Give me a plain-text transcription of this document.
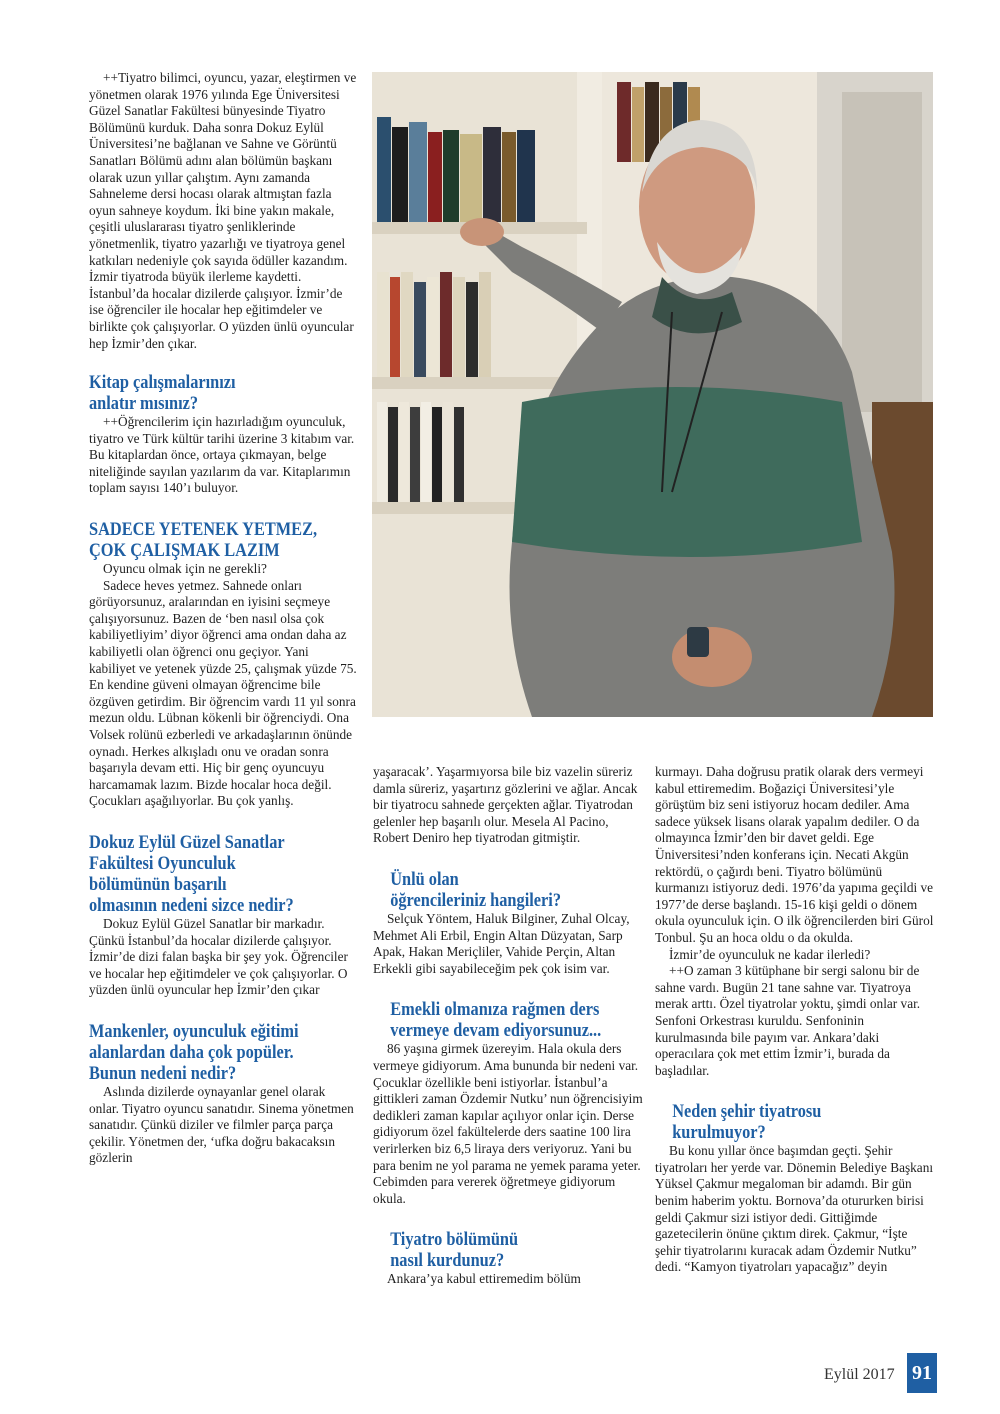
++Tiyatro bilimci, oyuncu, yazar, eleştirmen ve yönetmen olarak 1976 yılında Ege Üniversitesi Güzel Sanatlar Fakültesi bünyesinde Tiyatro Bölümünü kurduk. Daha sonra Dokuz Eylül Üniversitesi’ne bağlanan ve Sahne ve Görüntü Sanatları Bölümü adını alan bölümün başkanı olarak uzun yıllar çalıştım. Aynı zamanda Sahneleme dersi hocası olarak altmıştan fazla oyun sahneye koydum. İki bine yakın makale, çeşitli uluslararası tiyatro şenliklerinde yönetmenlik, tiyatro yazarlığı ve tiyatroya genel katkıları nedeniyle çok sayıda ödüller kazandım. İzmir tiyatroda büyük ilerleme kaydetti. İstanbul’da hocalar dizilerde çalışıyor. İzmir’de ise öğrenciler ile hocalar hep eğitimdeler ve birlikte çok çalışıyorlar. O yüzden ünlü oyuncular hep İzmir’den çıkar.

Kitap çalışmalarınızı
anlatır mısınız?

++Öğrencilerim için hazırladığım oyunculuk, tiyatro ve Türk kültür tarihi üzerine 3 kitabım var. Bu kitaplardan önce, ortaya çıkmayan, belge niteliğinde sayılan yazılarım da var. Kitaplarımın toplam sayısı 140’ı buluyor.

SADECE YETENEK YETMEZ,
ÇOK ÇALIŞMAK LAZIM

Oyuncu olmak için ne gerekli?

Sadece heves yetmez. Sahnede onları görüyorsunuz, aralarından en iyisini seçmeye çalışıyorsunuz. Bazen de ‘ben nasıl olsa çok kabiliyetliyim’ diyor öğrenci ama ondan daha az kabiliyetli olan öğrenci onu geçiyor. Yani kabiliyet ve yetenek yüzde 25, çalışmak yüzde 75. En kendine güveni olmayan öğrencime bile özgüven getirdim. Bir öğrencim vardı 11 yıl sonra mezun oldu. Lübnan kökenli bir öğrenciydi. Ona Volsek rolünü ezberledi ve arkadaşlarının önünde oynadı. Herkes alkışladı onu ve oradan sonra başarıyla devam etti. Hiç bir genç oyuncuyu harcamamak lazım. Bizde hocalar hoca değil. Çocukları aşağılıyorlar. Bu çok yanlış.

Dokuz Eylül Güzel Sanatlar
Fakültesi Oyunculuk
bölümünün başarılı
olmasının nedeni sizce nedir?

Dokuz Eylül Güzel Sanatlar bir markadır. Çünkü İstanbul’da hocalar dizilerde çalışıyor. İzmir’de dizi falan başka bir şey yok. Öğrenciler ve hocalar hep eğitimdeler ve çok çalışıyorlar. O yüzden ünlü oyuncular hep İzmir’den çıkar

Mankenler, oyunculuk eğitimi
alanlardan daha çok popüler.
Bunun nedeni nedir?

Aslında dizilerde oynayanlar genel olarak onlar. Tiyatro oyuncu sanatıdır. Sinema yönetmen sanatıdır. Çünkü diziler ve filmler parça parça çekilir. Yönetmen der, ‘ufka doğru bakacaksın gözlerin

yaşaracak’. Yaşarmıyorsa bile biz vazelin süreriz damla süreriz, yaşartırız gözlerini ve ağlar. Ancak bir tiyatrocu sahnede gerçekten ağlar. Tiyatrodan gelenler hep başarılı olur. Mesela Al Pacino, Robert Deniro hep tiyatrodan gitmiştir.

Ünlü olan
öğrencileriniz hangileri?

Selçuk Yöntem, Haluk Bilginer, Zuhal Olcay, Mehmet Ali Erbil, Engin Altan Düzyatan, Sarp Apak, Hakan Meriçliler, Vahide Perçin, Altan Erkekli gibi sayabileceğim pek çok isim var.

Emekli olmanıza rağmen ders
vermeye devam ediyorsunuz...

86 yaşına girmek üzereyim. Hala okula ders vermeye gidiyorum. Ama bununda bir nedeni var. Çocuklar özellikle beni istiyorlar. İstanbul’a gittikleri zaman Özdemir Nutku’ nun öğrencisiyim dedikleri zaman kapılar açılıyor onlar için. Derse gidiyorum özel fakültelerde ders saatine 100 lira verirlerken biz 6,5 liraya ders veriyoruz. Yani bu para benim ne yol parama ne yemek parama yeter. Cebimden para vererek öğretmeye gidiyorum okula.

Tiyatro bölümünü
nasıl kurdunuz?

Ankara’ya kabul ettiremedim bölüm

kurmayı. Daha doğrusu pratik olarak ders vermeyi kabul ettiremedim. Boğaziçi Üniversitesi’yle görüştüm biz seni istiyoruz hocam dediler. Ama sadece yüksek lisans olarak yapalım dediler. O da olmayınca İzmir’den bir davet geldi. Ege Üniversitesi’nden konferans için. Necati Akgün rektördü, o çağırdı beni. Tiyatro bölümünü kurmanızı istiyoruz dedi. 1976’da yapıma geçildi ve 1977’de derse başlandı. 15-16 kişi geldi o dönem okula oyunculuk için. O ilk öğrencilerden biri Gürol Tonbul. Şu an hoca oldu o da okulda.

İzmir’de oyunculuk ne kadar ilerledi?

++O zaman 3 kütüphane bir sergi salonu bir de sahne vardı. Bugün 21 tane sahne var. Tiyatroya merak arttı. Özel tiyatrolar yoktu, şimdi onlar var. Senfoni Orkestrası kuruldu. Senfoninin kurulmasında bile payım var. Ankara’daki operacılara çok met ettim İzmir’i, burada da başladılar.

Neden şehir tiyatrosu
kurulmuyor?

Bu konu yıllar önce başımdan geçti. Şehir tiyatroları her yerde var. Dönemin Belediye Başkanı Yüksel Çakmur megaloman bir adamdı. Bir gün benim haberim yoktu. Bornova’da otururken birisi geldi Çakmur sizi istiyor dedi. Gittiğimde gazetecilerin önüne çıktım direk. Çakmur, “İşte şehir tiyatrolarını kuracak adam Özdemir Nutku” dedi. “Kamyon tiyatroları yapacağız” deyin

Eylül 2017 91
